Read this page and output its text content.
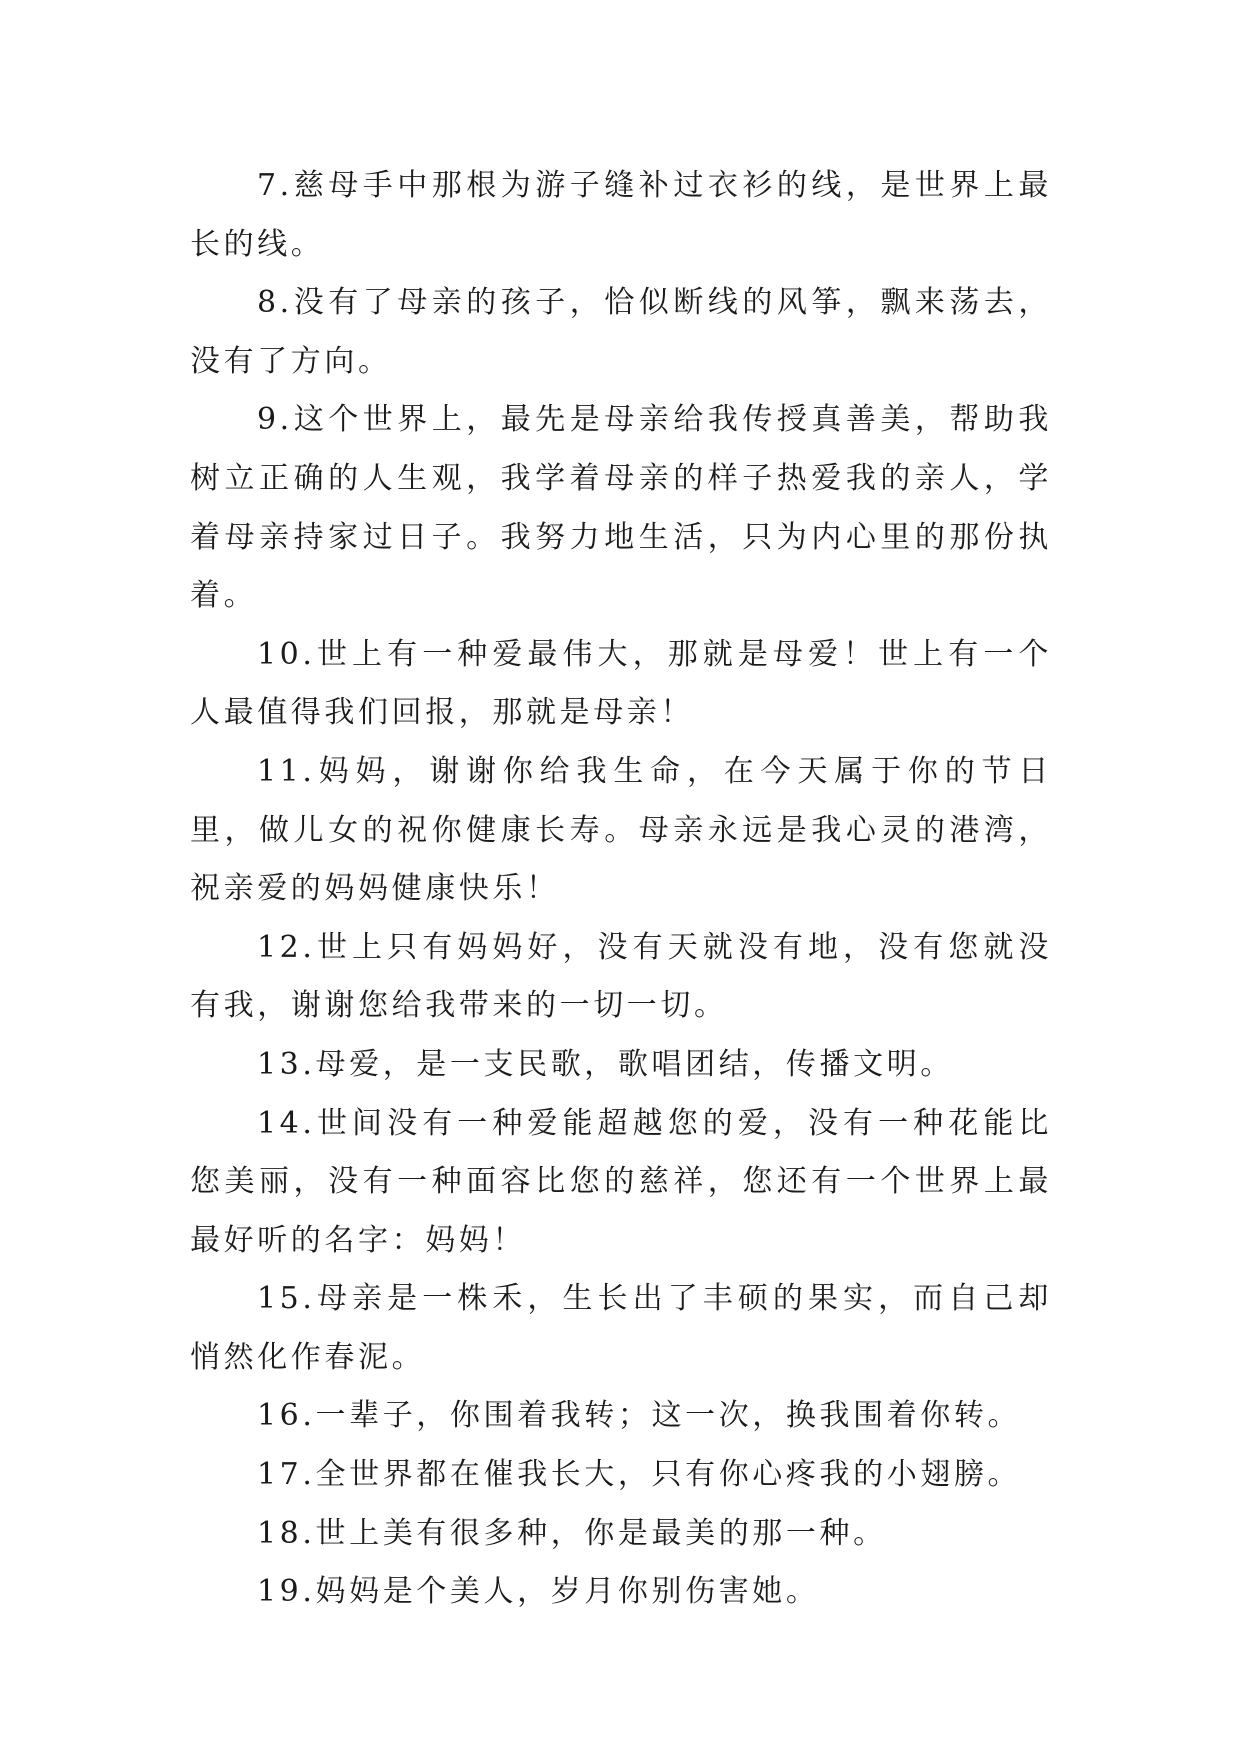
7.慈母手中那根为游子缝补过衣衫的线，是世界上最长的线。

8.没有了母亲的孩子，恰似断线的风筝，飘来荡去，没有了方向。

9.这个世界上，最先是母亲给我传授真善美，帮助我树立正确的人生观，我学着母亲的样子热爱我的亲人，学着母亲持家过日子。我努力地生活，只为内心里的那份执着。

10.世上有一种爱最伟大，那就是母爱！世上有一个人最值得我们回报，那就是母亲！

11.妈妈，谢谢你给我生命，在今天属于你的节日里，做儿女的祝你健康长寿。母亲永远是我心灵的港湾，祝亲爱的妈妈健康快乐！

12.世上只有妈妈好，没有天就没有地，没有您就没有我，谢谢您给我带来的一切一切。

13.母爱，是一支民歌，歌唱团结，传播文明。

14.世间没有一种爱能超越您的爱，没有一种花能比您美丽，没有一种面容比您的慈祥，您还有一个世界上最最好听的名字：妈妈！

15.母亲是一株禾，生长出了丰硕的果实，而自己却悄然化作春泥。

16.一辈子，你围着我转；这一次，换我围着你转。

17.全世界都在催我长大，只有你心疼我的小翅膀。

18.世上美有很多种，你是最美的那一种。

19.妈妈是个美人，岁月你别伤害她。
